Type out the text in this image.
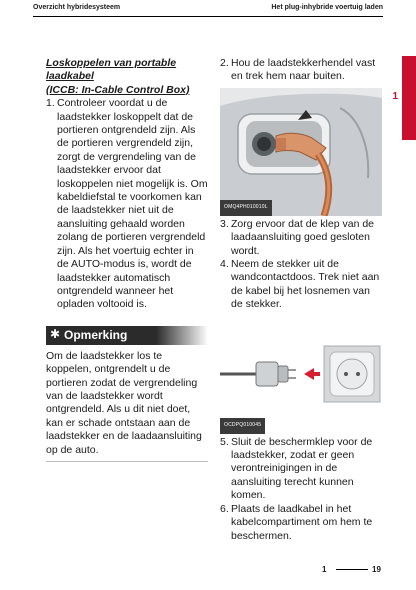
Overzicht hybridesysteem	Het plug-inhybride voertuig laden
1
Loskoppelen van portable laadkabel
(ICCB: In-Cable Control Box)
1. Controleer voordat u de laadstekker loskoppelt dat de portieren ontgrendeld zijn. Als de portieren vergrendeld zijn, zorgt de vergrendeling van de laadstekker ervoor dat loskoppelen niet mogelijk is. Om kabeldiefstal te voorkomen kan de laadstekker niet uit de aansluiting gehaald worden zolang de portieren vergrendeld zijn. Als het voertuig echter in de AUTO-modus is, wordt de laadstekker automatisch ontgrendeld wanneer het opladen voltooid is.
✱ Opmerking
Om de laadstekker los te koppelen, ontgrendelt u de portieren zodat de vergrendeling van de laadstekker wordt ontgrendeld. Als u dit niet doet, kan er schade ontstaan aan de laadstekker en de laadaansluiting op de auto.
2. Hou de laadstekkerhendel vast en trek hem naar buiten.
OMQ4PH010010L
3. Zorg ervoor dat de klep van de laadaansluiting goed gesloten wordt.
4. Neem de stekker uit de wandcontactdoos. Trek niet aan de kabel bij het losnemen van de stekker.
OCDPQ010045
5. Sluit de beschermklep voor de laadstekker, zodat er geen verontreinigingen in de aansluiting terecht kunnen komen.
6. Plaats de laadkabel in het kabelcompartiment om hem te beschermen.
1	19
